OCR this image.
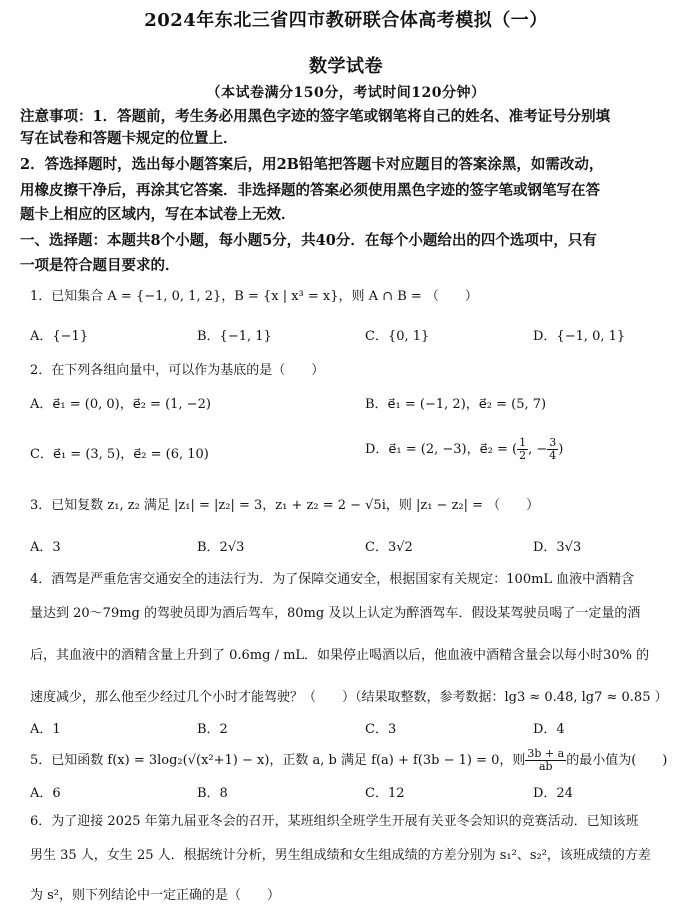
2024年东北三省四市教研联合体高考模拟（一）
数学试卷
（本试卷满分150分，考试时间120分钟）
注意事项：1．答题前，考生务必用黑色字迹的签字笔或钢笔将自己的姓名、准考证号分别填
写在试卷和答题卡规定的位置上．
2．答选择题时，选出每小题答案后，用2B铅笔把答题卡对应题目的答案涂黑，如需改动，
用橡皮擦干净后，再涂其它答案．非选择题的答案必须使用黑色字迹的签字笔或钢笔写在答
题卡上相应的区域内，写在本试卷上无效．
一、选择题：本题共8个小题，每小题5分，共40分．在每个小题给出的四个选项中，只有
一项是符合题目要求的．
1．已知集合 A = {−1, 0, 1, 2}，B = {x | x³ = x}，则 A ∩ B = （　　）
A．{−1}	B．{−1, 1}	C．{0, 1}	D．{−1, 0, 1}
2．在下列各组向量中，可以作为基底的是（　　）
A．e⃗₁ = (0, 0)，e⃗₂ = (1, −2)	B．e⃗₁ = (−1, 2)，e⃗₂ = (5, 7)
C．e⃗₁ = (3, 5)，e⃗₂ = (6, 10)	D．e⃗₁ = (2, −3)，e⃗₂ = ( $\frac{1}{2}$ , − $\frac{3}{4}$ )
3．已知复数 z₁, z₂ 满足 |z₁| = |z₂| = 3，z₁ + z₂ = 2 − √5i，则 |z₁ − z₂| = （　　）
A．3	B．2√3	C．3√2	D．3√3
4．酒驾是严重危害交通安全的违法行为．为了保障交通安全，根据国家有关规定：100mL 血液中酒精含
量达到 20～79mg 的驾驶员即为酒后驾车，80mg 及以上认定为醉酒驾车．假设某驾驶员喝了一定量的酒
后，其血液中的酒精含量上升到了 0.6mg / mL．如果停止喝酒以后，他血液中酒精含量会以每小时30% 的
速度减少，那么他至少经过几个小时才能驾驶？（　　）（结果取整数，参考数据：lg3 ≈ 0.48, lg7 ≈ 0.85 ）
A．1	B．2	C．3	D．4
5．已知函数 f(x) = 3log₂(√(x²+1) − x)，正数 a, b 满足 f(a) + f(3b − 1) = 0，则 $\frac{3b + a}{ab}$ 的最小值为(　　)
A．6	B．8	C．12	D．24
6．为了迎接 2025 年第九届亚冬会的召开，某班组织全班学生开展有关亚冬会知识的竞赛活动．已知该班
男生 35 人，女生 25 人．根据统计分析，男生组成绩和女生组成绩的方差分别为 s₁²、s₂²，该班成绩的方差
为 s²，则下列结论中一定正确的是（　　）
